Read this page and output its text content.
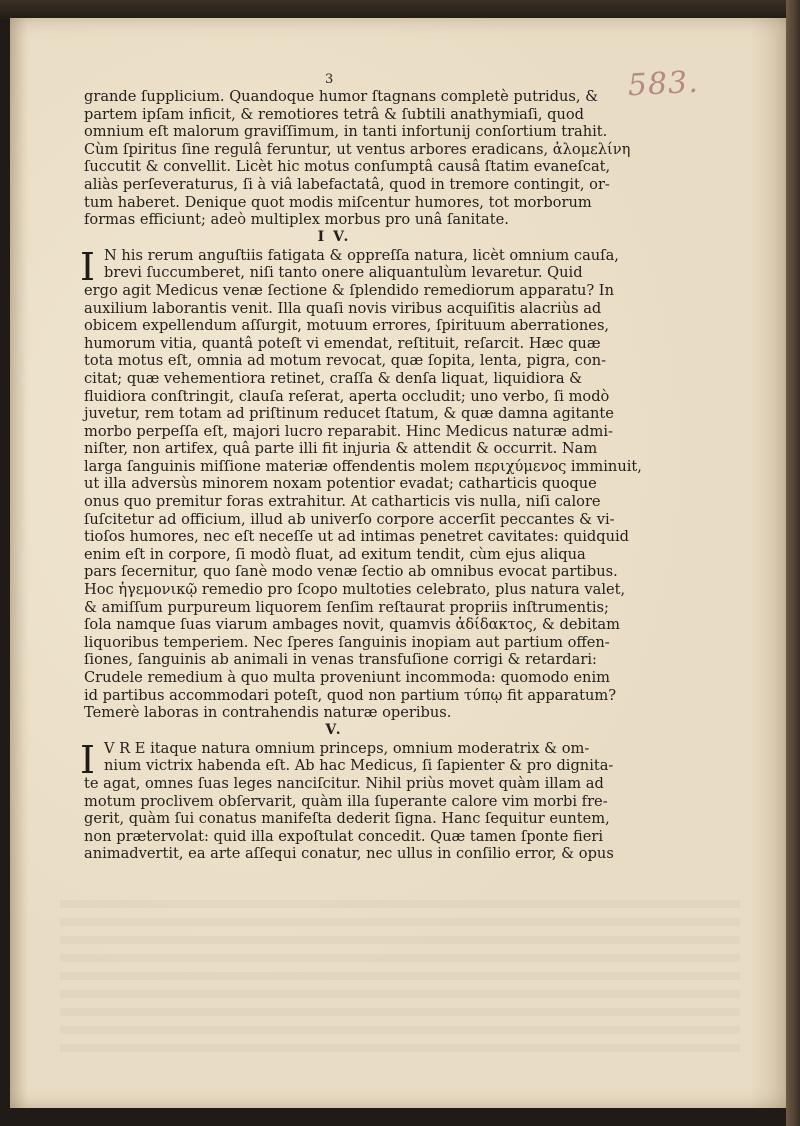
3	583.
grande ſupplicium. Quandoque humor ſtagnans completè putridus, &
partem ipſam inficit, & remotiores tetrâ & ſubtili anathymiaſi, quod
omnium eſt malorum graviſſimum, in tanti infortunij conſortium trahit.
Cùm ſpiritus ſine regulâ feruntur, ut ventus arbores eradicans, ἀλομελίνη
ſuccutit & convellit. Licèt hic motus conſumptâ causâ ſtatim evaneſcat,
aliàs perſeveraturus, ſi à viâ labefactatâ, quod in tremore contingit, or-
tum haberet. Denique quot modis miſcentur humores, tot morborum
formas efficiunt; adeò multiplex morbus pro unâ ſanitate.
I V.
I N his rerum anguſtiis fatigata & oppreſſa natura, licèt omnium cauſa,
brevi ſuccumberet, niſi tanto onere aliquantulùm levaretur. Quid
ergo agit Medicus venæ ſectione & ſplendido remediorum apparatu? In
auxilium laborantis venit. Illa quaſi novis viribus acquiſitis alacriùs ad
obicem expellendum aſſurgit, motuum errores, ſpirituum aberrationes,
humorum vitia, quantâ poteſt vi emendat, reſtituit, reſarcit. Hæc quæ
tota motus eſt, omnia ad motum revocat, quæ ſopita, lenta, pigra, con-
citat; quæ vehementiora retinet, craſſa & denſa liquat, liquidiora &
fluidiora conſtringit, clauſa reſerat, aperta occludit; uno verbo, ſi modò
juvetur, rem totam ad priſtinum reducet ſtatum, & quæ damna agitante
morbo perpeſſa eſt, majori lucro reparabit. Hinc Medicus naturæ admi-
niſter, non artifex, quâ parte illi fit injuria & attendit & occurrit. Nam
larga ſanguinis miſſione materiæ offendentis molem περιχύμενος imminuit,
ut illa adversùs minorem noxam potentior evadat; catharticis quoque
onus quo premitur foras extrahitur. At catharticis vis nulla, niſi calore
ſuſcitetur ad officium, illud ab univerſo corpore accerſit peccantes & vi-
tioſos humores, nec eſt neceſſe ut ad intimas penetret cavitates: quidquid
enim eſt in corpore, ſi modò fluat, ad exitum tendit, cùm ejus aliqua
pars ſecernitur, quo ſanè modo venæ ſectio ab omnibus evocat partibus.
Hoc ἡγεμονικῷ remedio pro ſcopo multoties celebrato, plus natura valet,
& amiſſum purpureum liquorem ſenſim reſtaurat propriis inſtrumentis;
ſola namque ſuas viarum ambages novit, quamvis ἀδίδακτος, & debitam
liquoribus temperiem. Nec ſperes ſanguinis inopiam aut partium offen-
ſiones, ſanguinis ab animali in venas transfuſione corrigi & retardari:
Crudele remedium à quo multa proveniunt incommoda: quomodo enim
id partibus accommodari poteſt, quod non partium τύπῳ fit apparatum?
Temerè laboras in contrahendis naturæ operibus.
V.
I V R E itaque natura omnium princeps, omnium moderatrix & om-
nium victrix habenda eſt. Ab hac Medicus, ſi ſapienter & pro dignita-
te agat, omnes ſuas leges nanciſcitur. Nihil priùs movet quàm illam ad
motum proclivem obſervarit, quàm illa ſuperante calore vim morbi fre-
gerit, quàm ſui conatus manifeſta dederit ſigna. Hanc ſequitur euntem,
non prætervolat: quid illa expoſtulat concedit. Quæ tamen ſponte fieri
animadvertit, ea arte aſſequi conatur, nec ullus in conſilio error, & opus
